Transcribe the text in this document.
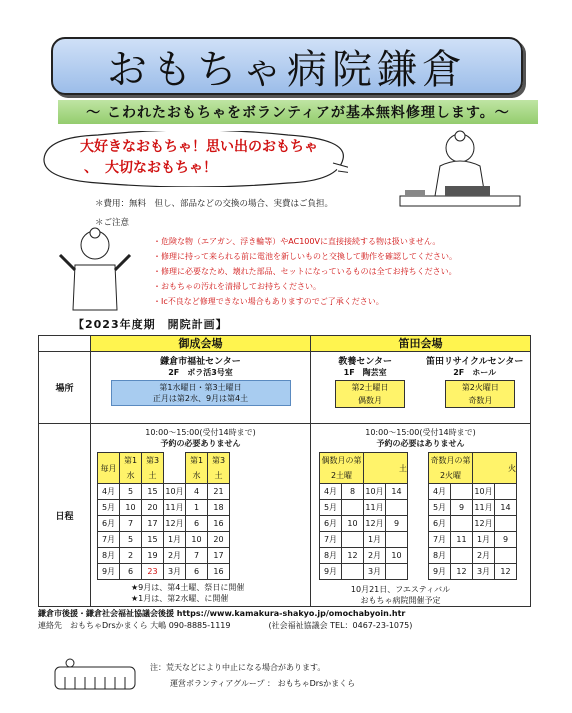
おもちゃ病院鎌倉
～ こわれたおもちゃをボランティアが基本無料修理します。～
大好きなおもちゃ！思い出のおもちゃ
、　大切なおもちゃ！
＊費用：無料　但し、部品などの交換の場合、実費はご負担。
＊ご注意
・危険な物（エアガン、浮き輪等）やAC100Vに直接接続する物は扱いません。
・修理に持って来られる前に電池を新しいものと交換して動作を確認してください。
・修理に必要なため、壊れた部品、セットになっているものは全てお持ちください。
・おもちゃの汚れを清掃してお持ちください。
・Ic不良など修理できない場合もありますのでご了承ください。
【2023年度期　開院計画】
	御成会場	笛田会場
場所	
鎌倉市福祉センター
2F　ボラ活3号室
第1水曜日・第3土曜日
正月は第2水、9月は第4土

教養センター
1F　陶芸室
第2土曜日
偶数月

笛田リサイクルセンター
2F　ホール
第2火曜日
奇数月

日程	
10:00～15:00(受付14時まで)
予約の必要ありません
毎月	第1水	第3土		第1水	第3土
4月	5	15	10月	4	21
5月	10	20	11月	1	18
6月	7	17	12月	6	16
7月	5	15	1月	10	20
8月	2	19	2月	7	17
9月	6	23	3月	6	16
★9月は、第4土曜、祭日に開催
★1月は、第2水曜、に開催

10:00～15:00(受付14時まで)
予約の必要はありません
偶数月の第2土曜	土
4月	8	10月	14
5月		11月	
6月	10	12月	9
7月		1月	
8月	12	2月	10
9月		3月	
奇数月の第2火曜	火
4月		10月	
5月	9	11月	14
6月		12月	
7月	11	1月	9
8月		2月	
9月	12	3月	12
10月21日、フエスティバル
おもちゃ病院開催予定
鎌倉市後援・鎌倉社会福祉協議会後援 https://www.kamakura-shakyo.jp/omochabyoin.htr
連絡先　おもちゃDrsかまくら 大嶋 090-8885-1119	(社会福祉協議会 TEL：0467-23-1075)
注：荒天などにより中止になる場合があります。
運営ボランティアグループ ： おもちゃDrsかまくら
